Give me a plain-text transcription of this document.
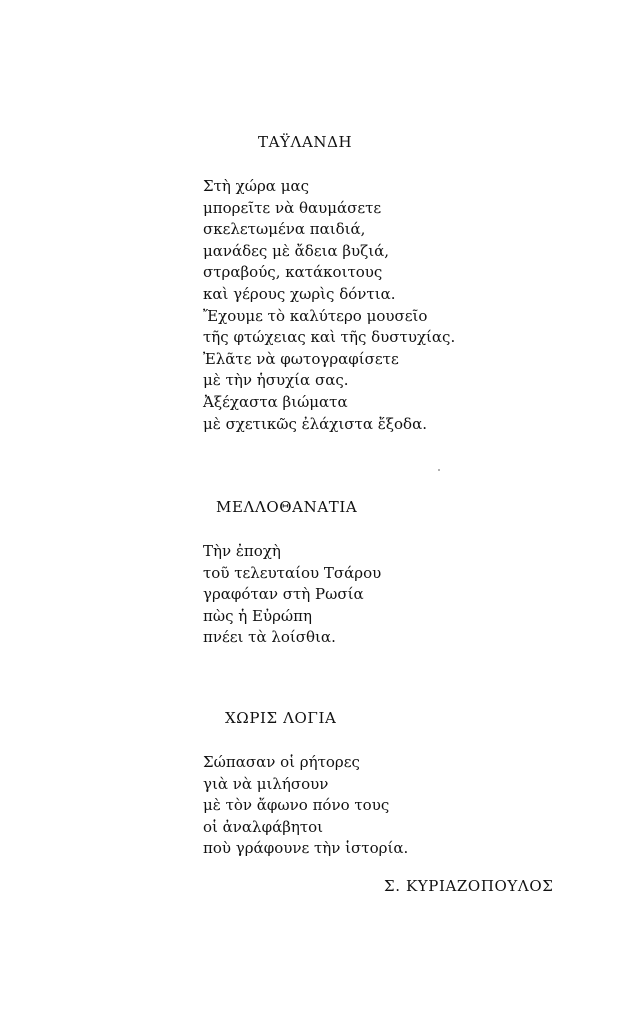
ΤΑΫΛΑΝΔΗ
Στὴ χώρα μας
μπορεῖτε νὰ θαυμάσετε
σκελετωμένα παιδιά,
μανάδες μὲ ἄδεια βυζιά,
στραβούς, κατάκοιτους
καὶ γέρους χωρὶς δόντια.
Ἔχουμε τὸ καλύτερο μουσεῖο
τῆς φτώχειας καὶ τῆς δυστυχίας.
Ἐλᾶτε νὰ φωτογραφίσετε
μὲ τὴν ἡσυχία σας.
Ἀξέχαστα βιώματα
μὲ σχετικῶς ἐλάχιστα ἔξοδα.
ΜΕΛΛΟΘΑΝΑΤΙΑ
Τὴν ἐποχὴ
τοῦ τελευταίου Τσάρου
γραφόταν στὴ Ρωσία
πὼς ἡ Εὐρώπη
πνέει τὰ λοίσθια.
ΧΩΡΙΣ ΛΟΓΙΑ
Σώπασαν οἱ ρήτορες
γιὰ νὰ μιλήσουν
μὲ τὸν ἄφωνο πόνο τους
οἱ ἀναλφάβητοι
ποὺ γράφουνε τὴν ἱστορία.
Σ. ΚΥΡΙΑΖΟΠΟΥΛΟΣ
